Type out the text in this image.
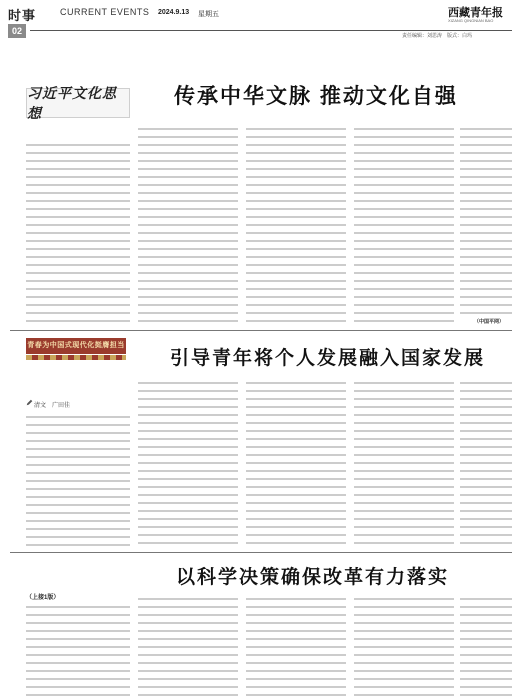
时事	CURRENT EVENTS
02
2024.9.13 星期五	西藏青年报
XIZANG QINGNIAN BAO
责任编辑：刘思涛　版式：白玛
习近平文化思想
传承中华文脉 推动文化自强
（中国平网）
青春为中国式现代化挺膺担当
引导青年将个人发展融入国家发展
清文　广田佳
以科学决策确保改革有力落实
（上接1版）
